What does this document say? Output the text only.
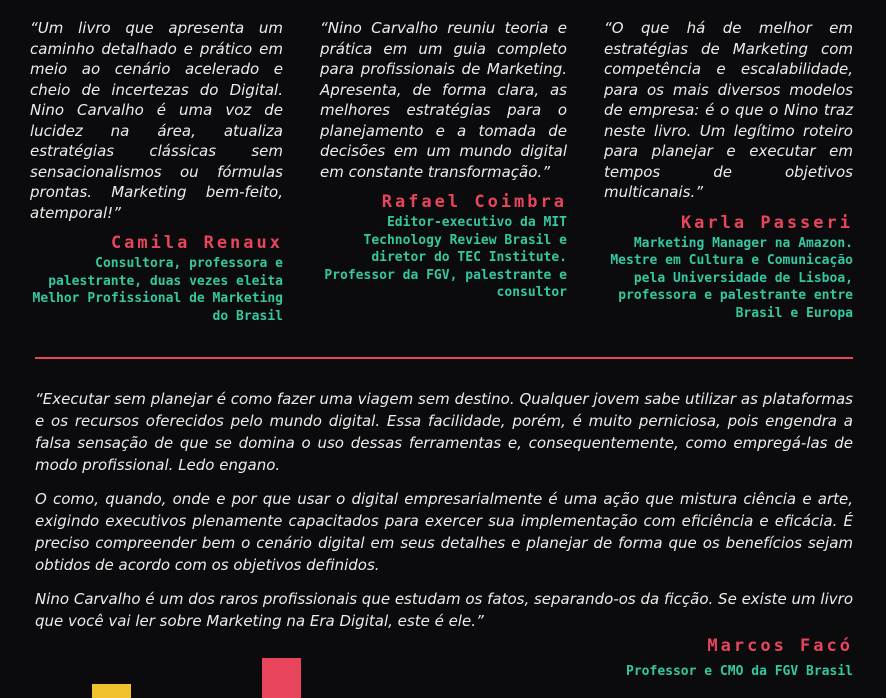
“Um livro que apresenta um caminho detalhado e prático em meio ao cenário acelerado e cheio de incertezas do Digital. Nino Carvalho é uma voz de lucidez na área, atualiza estratégias clássicas sem sensacionalismos ou fórmulas prontas. Marketing bem-feito, atemporal!”

Camila Renaux

Consultora, professora e palestrante, duas vezes eleita Melhor Profissional de Marketing do Brasil

“Nino Carvalho reuniu teoria e prática em um guia completo para profissionais de Marketing. Apresenta, de forma clara, as melhores estratégias para o planejamento e a tomada de decisões em um mundo digital em constante transformação.”

Rafael Coimbra

Editor-executivo da MIT Technology Review Brasil e diretor do TEC Institute. Professor da FGV, palestrante e consultor

“O que há de melhor em estratégias de Marketing com competência e escalabilidade, para os mais diversos modelos de empresa: é o que o Nino traz neste livro. Um legítimo roteiro para planejar e executar em tempos de objetivos multicanais.”

Karla Passeri

Marketing Manager na Amazon. Mestre em Cultura e Comunicação pela Universidade de Lisboa, professora e palestrante entre Brasil e Europa

“Executar sem planejar é como fazer uma viagem sem destino. Qualquer jovem sabe utilizar as plataformas e os recursos oferecidos pelo mundo digital. Essa facilidade, porém, é muito perniciosa, pois engendra a falsa sensação de que se domina o uso dessas ferramentas e, consequentemente, como empregá-las de modo profissional. Ledo engano.

O como, quando, onde e por que usar o digital empresarialmente é uma ação que mistura ciência e arte, exigindo executivos plenamente capacitados para exercer sua implementação com eficiência e eficácia. É preciso compreender bem o cenário digital em seus detalhes e planejar de forma que os benefícios sejam obtidos de acordo com os objetivos definidos.

Nino Carvalho é um dos raros profissionais que estudam os fatos, separando-os da ficção. Se existe um livro que você vai ler sobre Marketing na Era Digital, este é ele.”

Marcos Facó
Professor e CMO da FGV Brasil
